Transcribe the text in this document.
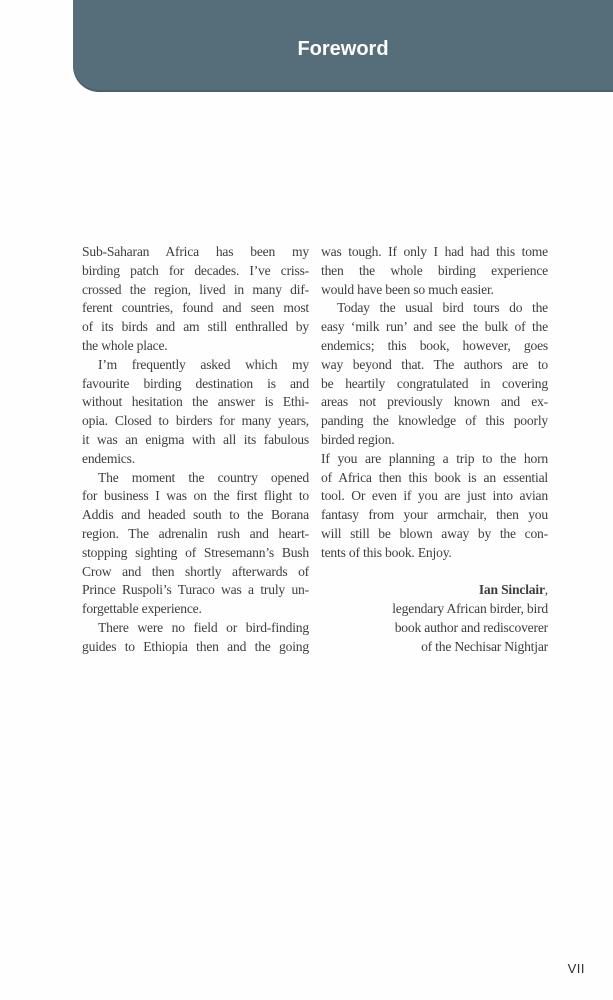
Foreword
Sub-Saharan Africa has been my
birding patch for decades. I’ve criss-
crossed the region, lived in many dif-
ferent countries, found and seen most
of its birds and am still enthralled by
the whole place.
I’m frequently asked which my
favourite birding destination is and
without hesitation the answer is Ethi-
opia. Closed to birders for many years,
it was an enigma with all its fabulous
endemics.
The moment the country opened
for business I was on the first flight to
Addis and headed south to the Borana
region. The adrenalin rush and heart-
stopping sighting of Stresemann’s Bush
Crow and then shortly afterwards of
Prince Ruspoli’s Turaco was a truly un-
forgettable experience.
There were no field or bird-finding
guides to Ethiopia then and the going
was tough. If only I had had this tome
then the whole birding experience
would have been so much easier.
Today the usual bird tours do the
easy ‘milk run’ and see the bulk of the
endemics; this book, however, goes
way beyond that. The authors are to
be heartily congratulated in covering
areas not previously known and ex-
panding the knowledge of this poorly
birded region.
If you are planning a trip to the horn
of Africa then this book is an essential
tool. Or even if you are just into avian
fantasy from your armchair, then you
will still be blown away by the con-
tents of this book. Enjoy.
Ian Sinclair,
legendary African birder, bird
book author and rediscoverer
of the Nechisar Nightjar
VII
